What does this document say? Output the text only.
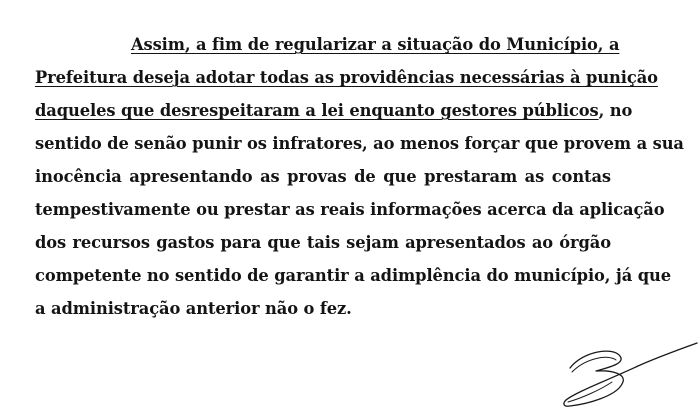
Assim, a fim de regularizar a situação do Município, a
Prefeitura deseja adotar todas as providências necessárias à punição
daqueles que desrespeitaram a lei enquanto gestores públicos, no
sentido de senão punir os infratores, ao menos forçar que provem a sua
inocência apresentando as provas de que prestaram as contas
tempestivamente ou prestar as reais informações acerca da aplicação
dos recursos gastos para que tais sejam apresentados ao órgão
competente no sentido de garantir a adimplência do município, já que
a administração anterior não o fez.
